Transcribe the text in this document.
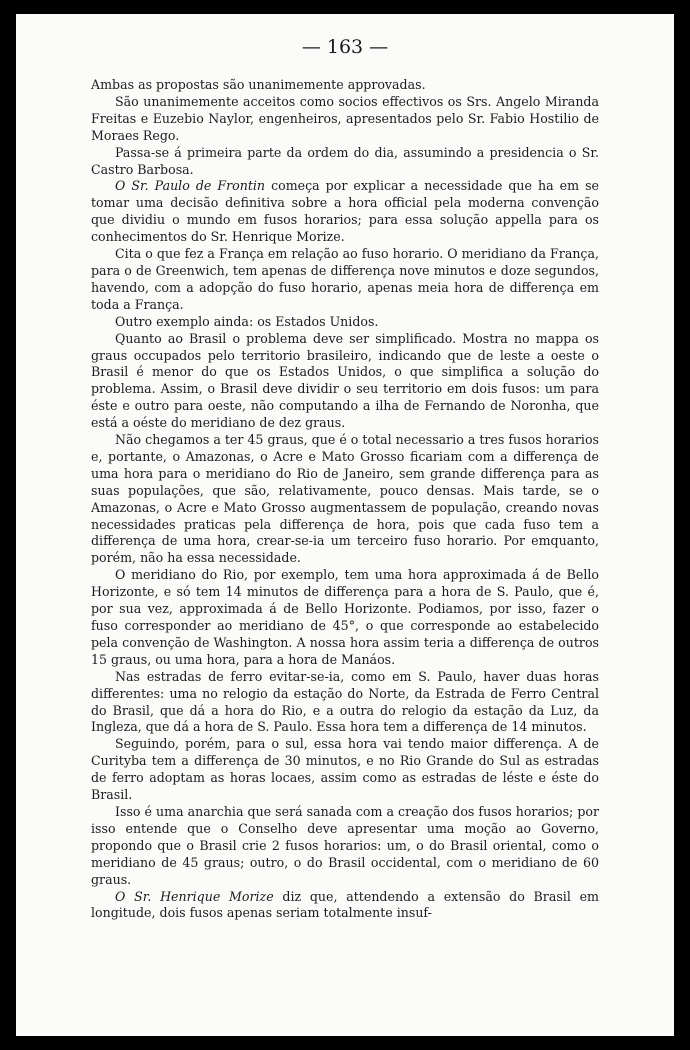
— 163 —

Ambas as propostas são unanimemente approvadas.

São unanimemente acceitos como socios effectivos os Srs. Angelo Miranda Freitas e Euzebio Naylor, engenheiros, apresentados pelo Sr. Fabio Hostilio de Moraes Rego.

Passa-se á primeira parte da ordem do dia, assumindo a presidencia o Sr. Castro Barbosa.

O Sr. Paulo de Frontin começa por explicar a necessidade que ha em se tomar uma decisão definitiva sobre a hora official pela moderna convenção que dividiu o mundo em fusos horarios; para essa solução appella para os conhecimentos do Sr. Henrique Morize.

Cita o que fez a França em relação ao fuso horario. O meridiano da França, para o de Greenwich, tem apenas de differença nove minutos e doze segundos, havendo, com a adopção do fuso horario, apenas meia hora de differença em toda a França.

Outro exemplo ainda: os Estados Unidos.

Quanto ao Brasil o problema deve ser simplificado. Mostra no mappa os graus occupados pelo territorio brasileiro, indicando que de leste a oeste o Brasil é menor do que os Estados Unidos, o que simplifica a solução do problema. Assim, o Brasil deve dividir o seu territorio em dois fusos: um para éste e outro para oeste, não computando a ilha de Fernando de Noronha, que está a oéste do meridiano de dez graus.

Não chegamos a ter 45 graus, que é o total necessario a tres fusos horarios e, portante, o Amazonas, o Acre e Mato Grosso ficariam com a differença de uma hora para o meridiano do Rio de Janeiro, sem grande differença para as suas populações, que são, relativamente, pouco densas. Mais tarde, se o Amazonas, o Acre e Mato Grosso augmentassem de população, creando novas necessidades praticas pela differença de hora, pois que cada fuso tem a differença de uma hora, crear-se-ia um terceiro fuso horario. Por emquanto, porém, não ha essa necessidade.

O meridiano do Rio, por exemplo, tem uma hora approximada á de Bello Horizonte, e só tem 14 minutos de differença para a hora de S. Paulo, que é, por sua vez, approximada á de Bello Horizonte. Podiamos, por isso, fazer o fuso corresponder ao meridiano de 45°, o que corresponde ao estabelecido pela convenção de Washington. A nossa hora assim teria a differença de outros 15 graus, ou uma hora, para a hora de Manáos.

Nas estradas de ferro evitar-se-ia, como em S. Paulo, haver duas horas differentes: uma no relogio da estação do Norte, da Estrada de Ferro Central do Brasil, que dá a hora do Rio, e a outra do relogio da estação da Luz, da Ingleza, que dá a hora de S. Paulo. Essa hora tem a differença de 14 minutos.

Seguindo, porém, para o sul, essa hora vai tendo maior differença. A de Curityba tem a differença de 30 minutos, e no Rio Grande do Sul as estradas de ferro adoptam as horas locaes, assim como as estradas de léste e éste do Brasil.

Isso é uma anarchia que será sanada com a creação dos fusos horarios; por isso entende que o Conselho deve apresentar uma moção ao Governo, propondo que o Brasil crie 2 fusos horarios: um, o do Brasil oriental, como o meridiano de 45 graus; outro, o do Brasil occidental, com o meridiano de 60 graus.

O Sr. Henrique Morize diz que, attendendo a extensão do Brasil em longitude, dois fusos apenas seriam totalmente insuf-
